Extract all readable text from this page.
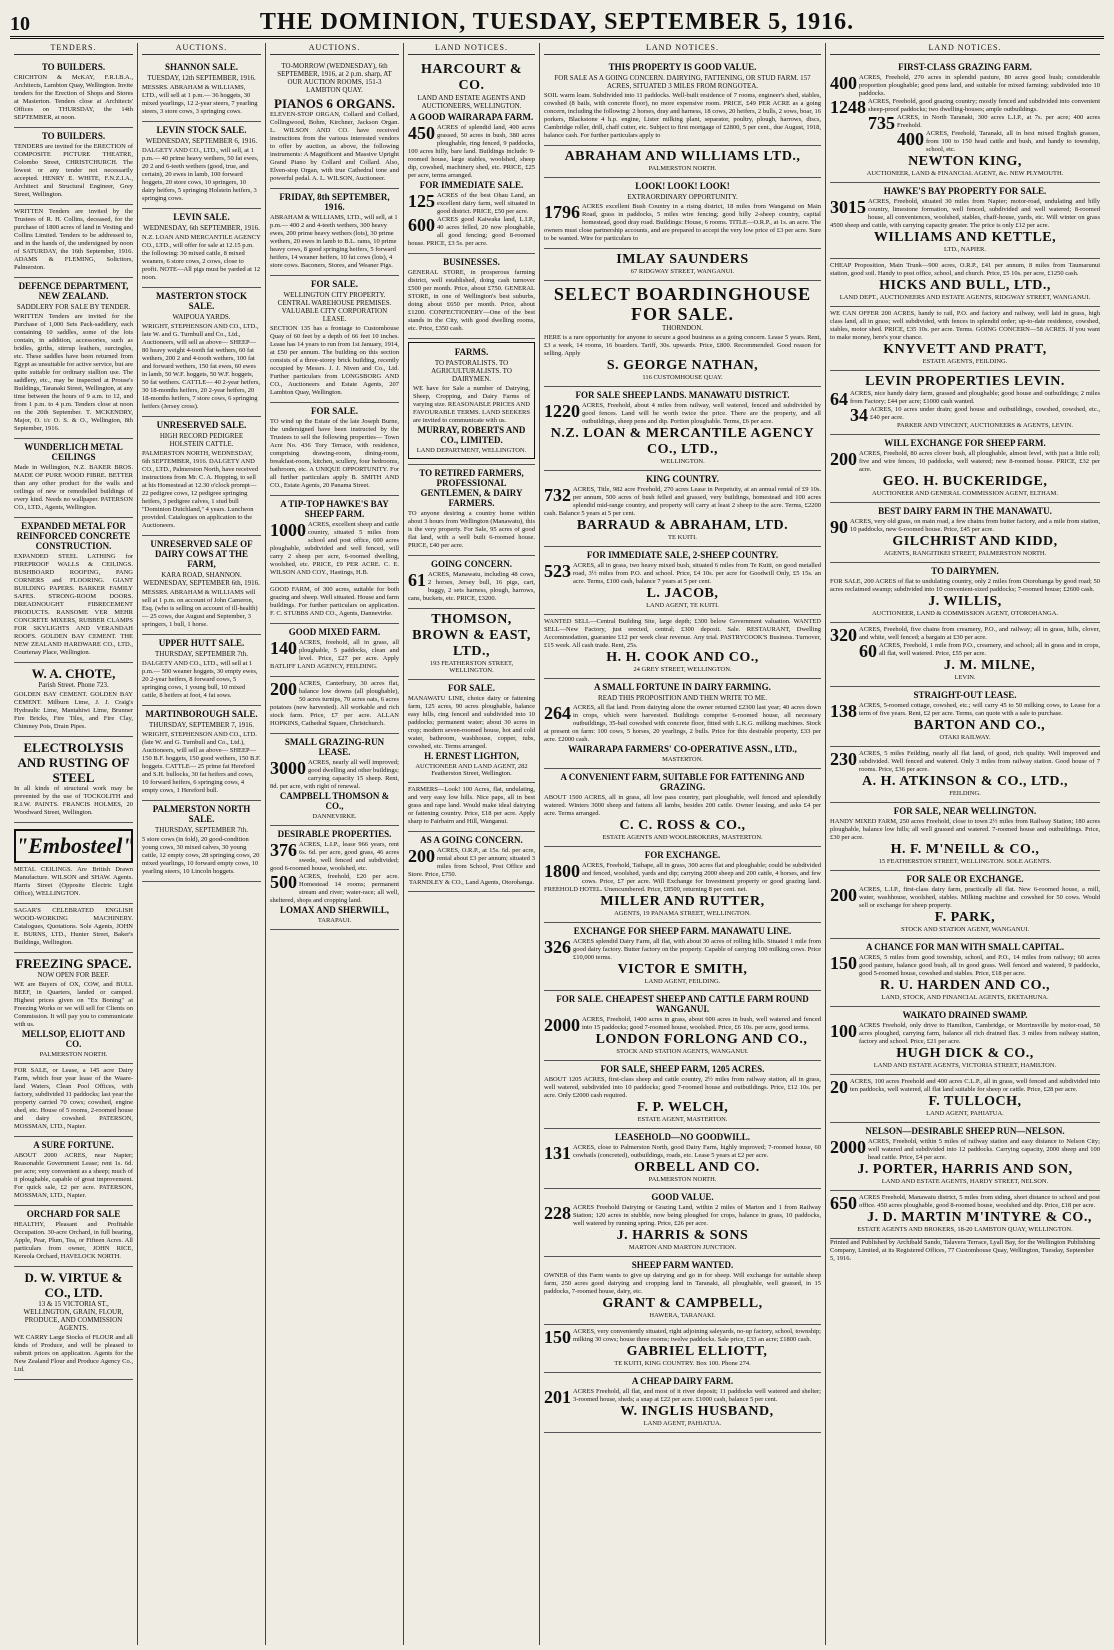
10	THE DOMINION, TUESDAY, SEPTEMBER 5, 1916.
TENDERS.
TO BUILDERS.
CRICHTON & McKAY, F.R.I.B.A., Architects, Lambton Quay, Wellington. Invite tenders for the Erection of Shops and Stores at Masterton. Tenders close at Architects' Offices on THURSDAY, the 14th SEPTEMBER, at noon.
TO BUILDERS.
TENDERS are invited for the ERECTION of COMPOSITE PICTURE THEATRE, Colombo Street, CHRISTCHURCH. The lowest or any tender not necessarily accepted. HENRY E. WHITE, F.N.Z.I.A., Architect and Structural Engineer, Grey Street, Wellington.
WRITTEN Tenders are invited by the Trustees of R. H. Collins, deceased, for the purchase of 1800 acres of land in Vesting and Collins Limited. Tenders to be addressed to, and in the hands of, the undersigned by noon of SATURDAY, the 16th September, 1916. ADAMS & FLEMING, Solicitors, Palmerston.
DEFENCE DEPARTMENT, NEW ZEALAND.
SADDLERY FOR SALE BY TENDER.
WRITTEN Tenders are invited for the Purchase of 1,000 Sets Pack-saddlery, each containing 10 saddles, some of the lots contain, in addition, accessories, such as bridles, girths, stirrup leathers, surcingles, etc. These saddles have been returned from Egypt as unsuitable for active service, but are quite suitable for ordinary stallion use. The saddlery, etc., may be inspected at Prouse's Buildings, Taranaki Street, Wellington, at any time between the hours of 9 a.m. to 12, and from 1 p.m. to 4 p.m. Tenders close at noon on the 20th September. T. MCKENDRY, Major, O. i/c O. S. & O., Wellington, 8th September, 1916.
WUNDERLICH METAL CEILINGS
Made in Wellington, N.Z. BAKER BROS. MADE OF PURE WOOD FIBRE. BETTER than any other product for the walls and ceilings of new or remodelled buildings of every kind. Needs no wallpaper. PATERSON CO., LTD., Agents, Wellington.
EXPANDED METAL FOR REINFORCED CONCRETE CONSTRUCTION.
EXPANDED STEEL LATHING for FIREPROOF WALLS & CEILINGS. BUSHBOARD ROOFING, PANG CORNERS and FLOORING. GIANT BUILDING PAPERS. BARKER FAMILY SAFES. STRONG-ROOM DOORS. DREADNOUGHT FIBRECEMENT PRODUCTS. RANSOME VER MEHR CONCRETE MIXERS, RUBBER CLAMPS FOR SKYLIGHTS AND VERANDAH ROOFS. GOLDEN BAY CEMENT. THE NEW ZEALAND HARDWARE CO., LTD., Courtenay Place, Wellington.
W. A. CHOTE,
Parish Street. Phone 723.
GOLDEN BAY CEMENT. GOLDEN BAY CEMENT. Milburn Lime, J. J. Craig's Hydraulic Lime, Mantahiwi Lime, Brunner Fire Bricks, Fire Tiles, and Fire Clay, Chimney Pots, Drain Pipes.
ELECTROLYSIS AND RUSTING OF STEEL
In all kinds of structural work may be prevented by the use of TOCKOLITH and R.I.W. PAINTS. FRANCIS HOLMES, 20 Woodward Street, Wellington.
"Embosteel"
METAL CEILINGS. Are British Drawn Manufacture. WILSON and SHAW. Agents. Harris Street (Opposite Electric Light Office), WELLINGTON.
SAGAR'S CELEBRATED ENGLISH WOOD-WORKING MACHINERY. Catalogues, Quotations. Sole Agents, JOHN E. BURNS, LTD., Hunter Street, Baker's Buildings, Wellington.
FREEZING SPACE.
NOW OPEN FOR BEEF.
WE are Buyers of OX, COW, and BULL BEEF, in Quarters, landed or camped. Highest prices given on "Ex Boning" at Freezing Works or we will sell for Clients on Commission. It will pay you to communicate with us.
MELLSOP, ELIOTT AND CO.
PALMERSTON NORTH.
FOR SALE, or Lease, a 145 acre Dairy Farm, which four year lease of the Waare-land Waters, Clean Pool Offices, with factory, subdivided 11 paddocks; last year the property carried 70 cows; cowshed, engine shed, etc. House of 5 rooms, 2-roomed house and dairy cowshed. PATERSON, MOSSMAN, LTD., Napier.
A SURE FORTUNE.
ABOUT 2000 ACRES, near Napier; Reasonable Government Lease; rent 1s. 6d. per acre; very convenient as a sheep; much of it ploughable, capable of great improvement. For quick sale, £2 per acre. PATERSON, MOSSMAN, LTD., Napier.
ORCHARD FOR SALE
HEALTHY, Pleasant and Profitable Occupation. 30-acre Orchard, in full bearing, Apple, Pear, Plum, Tea, or Fifteen Acres. All particulars from owner, JOHN RICE, Kereola Orchard, HAVELOCK NORTH.
D. W. VIRTUE & CO., LTD.
13 & 15 VICTORIA ST., WELLINGTON, GRAIN, FLOUR, PRODUCE, AND COMMISSION AGENTS.
WE CARRY Large Stocks of FLOUR and all kinds of Produce, and will be pleased to submit prices on application. Agents for the New Zealand Flour and Produce Agency Co., Ltd.
AUCTIONS.
SHANNON SALE.
TUESDAY, 12th SEPTEMBER, 1916.
MESSRS. ABRAHAM & WILLIAMS, LTD., will sell at 1 p.m.— 36 hoggets, 30 mixed yearlings, 12 2-year steers, 7 yearling steers, 3 store cows, 3 springing cows.
LEVIN STOCK SALE.
WEDNESDAY, SEPTEMBER 6, 1916.
DALGETY AND CO., LTD., will sell, at 1 p.m.— 40 prime heavy wethers, 50 fat ewes, 20 2 and 6-teeth wethers (good, true, and certain), 20 ewes in lamb, 100 forward hoggets, 20 store cows, 10 springers, 10 dairy heifers, 5 springing Holstein heifers, 3 springing cows.
LEVIN SALE.
WEDNESDAY, 6th SEPTEMBER, 1916.
N.Z. LOAN AND MERCANTILE AGENCY CO., LTD., will offer for sale at 12.15 p.m. the following: 30 mixed cattle, 8 mixed weaners, 6 store cows, 2 cows, close to profit. NOTE—All pigs must be yarded at 12 noon.
MASTERTON STOCK SALE.
WAIPOUA YARDS.
WRIGHT, STEPHENSON AND CO., LTD., late W. and G. Turnbull and Co., Ltd., Auctioneers, will sell as above— SHEEP— 80 heavy weight 4-tooth fat wethers, 60 fat wethers, 200 2 and 4-tooth wethers, 100 fat and forward wethers, 150 fat ewes, 60 ewes in lamb, 50 W.F. hoggets, 50 W.F. hoggets, 50 fat wethers. CATTLE— 40 2-year heifers, 30 18-months heifers, 20 2-year heifers, 20 18-months heifers, 7 store cows, 6 springing heifers (Jersey cross).
UNRESERVED SALE.
HIGH RECORD PEDIGREE HOLSTEIN CATTLE.
PALMERSTON NORTH, WEDNESDAY, 6th SEPTEMBER, 1916. DALGETY AND CO., LTD., Palmerston North, have received instructions from Mr. C. A. Hopping, to sell at his Homestead at 12.30 o'clock prompt— 22 pedigree cows, 12 pedigree springing heifers, 3 pedigree calves, 1 stud bull "Dominion Dutchland," 4 years. Luncheon provided. Catalogues on application to the Auctioneers.
UNRESERVED SALE OF DAIRY COWS AT THE FARM,
KARA ROAD, SHANNON. WEDNESDAY, SEPTEMBER 6th, 1916.
MESSRS. ABRAHAM & WILLIAMS will sell at 1 p.m. on account of John Cameron, Esq. (who is selling on account of ill-health)— 25 cows, due August and September, 3 springers, 1 bull, 1 horse.
UPPER HUTT SALE.
THURSDAY, SEPTEMBER 7th.
DALGETY AND CO., LTD., will sell at 1 p.m.— 500 weaner hoggets, 30 empty ewes, 20 2-year heifers, 8 forward cows, 5 springing cows, 1 young bull, 10 mixed cattle, 8 heifers at foot, 4 fat sows.
MARTINBOROUGH SALE.
THURSDAY, SEPTEMBER 7, 1916.
WRIGHT, STEPHENSON AND CO., LTD. (late W. and G. Turnbull and Co., Ltd.), Auctioneers, will sell as above— SHEEP— 150 B.F. hoggets, 150 good wethers, 150 B.F. hoggets. CATTLE— 25 prime fat Hereford and S.H. bullocks, 30 fat heifers and cows, 10 forward heifers, 6 springing cows, 4 empty cows, 1 Hereford bull.
PALMERSTON NORTH SALE.
THURSDAY, SEPTEMBER 7th.
5 store cows (in fold), 20 good-condition young cows, 30 mixed calves, 30 young cattle, 12 empty cows, 28 springing cows, 20 mixed yearlings, 10 forward empty cows, 10 yearling steers, 10 Lincoln hoggets.
AUCTIONS.
TO-MORROW (WEDNESDAY), 6th SEPTEMBER, 1916, at 2 p.m. sharp, AT OUR AUCTION ROOMS, 151-3 LAMBTON QUAY.
PIANOS 6 ORGANS.
ELEVEN-STOP ORGAN, Collard and Collard, Collingwood, Bohm, Kirchner, Jackson Organ. L. WILSON AND CO. have received instructions from the various interested vendors to offer by auction, as above, the following instruments: A Magnificent and Massive Upright Grand Piano by Collard and Collard. Also, Elven-stop Organ, with true Cathedral tone and powerful pedal. A. L. WILSON, Auctioneer.
FRIDAY, 8th SEPTEMBER, 1916.
ABRAHAM & WILLIAMS, LTD., will sell, at 1 p.m.— 400 2 and 4-teeth wethers, 300 heavy ewes, 200 prime heavy wethers (lots), 30 prime wethers, 20 ewes in lamb to B.L. rams, 10 prime heavy cows, 8 good springing heifers, 5 forward heifers, 14 weaner heifers, 10 fat cows (lots), 4 store cows. Baconers, Stores, and Weaner Pigs.
FOR SALE.
WELLINGTON CITY PROPERTY. CENTRAL WAREHOUSE PREMISES. VALUABLE CITY CORPORATION LEASE.
SECTION 135 has a frontage to Customhouse Quay of 60 feet by a depth of 66 feet 10 inches. Lease has 14 years to run from 1st January, 1914, at £50 per annum. The building on this section consists of a three-storey brick building, recently occupied by Messrs. J. J. Niven and Co., Ltd. Further particulars from LONGSBORG AND CO., Auctioneers and Estate Agents, 207 Lambton Quay, Wellington.
FOR SALE.
TO wind up the Estate of the late Joseph Burne, the undersigned have been instructed by the Trustees to sell the following properties— Town Acre No. 436 Tory Terrace, with residence, comprising drawing-room, dining-room, breakfast-room, kitchen, scullery, four bedrooms, bathroom, etc. A UNIQUE OPPORTUNITY. For all further particulars apply B. SMITH AND CO., Estate Agents, 20 Panama Street.
A TIP-TOP HAWKE'S BAY SHEEP FARM.
1000 ACRES, excellent sheep and cattle country, situated 5 miles from school and post office, 600 acres ploughable, subdivided and well fenced, will carry 2 sheep per acre, 6-roomed dwelling, woolshed, etc. PRICE, £9 PER ACRE. C. E. WILSON AND COY., Hastings, H.B.
GOOD FARM, of 300 acres, suitable for both grazing and sheep. Well situated. House and farm buildings. For further particulars on application. F. C. STUBBS AND CO., Agents, Dannevirke.
GOOD MIXED FARM.
140 ACRES, freehold, all in grass, all ploughable, 5 paddocks, clean and level. Price, £27 per acre. Apply BATLIFF LAND AGENCY, FEILDING.
200 ACRES, Canterbury, 30 acres flat, balance low downs (all ploughable), 50 acres turnips, 70 acres oats, 6 acres potatoes (new harvested). All workable and rich stock farm. Price, £7 per acre. ALLAN HOPKINS, Cathedral Square, Christchurch.
SMALL GRAZING-RUN LEASE.
3000 ACRES, nearly all well improved; good dwelling and other buildings; carrying capacity 15 sheep. Rent, 8d. per acre, with right of renewal.
CAMPBELL THOMSON & CO.,
DANNEVIRKE.
DESIRABLE PROPERTIES.
376 ACRES, L.I.P., lease 966 years, rent 6s. 6d. per acre, good grass, 46 acres swede, well fenced and subdivided; good 6-roomed house, woolshed, etc.
500 ACRES, freehold, £20 per acre. Homestead 14 rooms; permanent stream and river; water-race; all well, sheltered, shops and cropping land.
LOMAX AND SHERWILL,
TARAPAUI.
LAND NOTICES.
HARCOURT & CO.
LAND AND ESTATE AGENTS AND AUCTIONEERS, WELLINGTON.
A GOOD WAIRARAPA FARM.
450 ACRES of splendid land, 400 acres grassed, 50 acres in bush, 380 acres ploughable, ring fenced, 9 paddocks, 100 acres hilly, bare land. Buildings include: 9-roomed house, large stables, woolshed, sheep dip, cowshed, machinery shed, etc. PRICE, £25 per acre, terms arranged.
FOR IMMEDIATE SALE.
125 ACRES of the best Ohau Land, an excellent dairy farm, well situated in good district. PRICE, £50 per acre.
600 ACRES good Kaiwaka land, L.I.P., 40 acres felled, 20 now ploughable, all good fencing; good 8-roomed house. PRICE, £3 5s. per acre.
BUSINESSES.
GENERAL STORE, in prosperous farming district, well established, doing cash turnover £500 per month. Price, about £750. GENERAL STORE, in one of Wellington's best suburbs, doing about £650 per month. Price, about £1200. CONFECTIONERY—One of the best stands in the City, with good dwelling rooms, etc. Price, £350 cash.
FARMS.
TO PASTORALISTS. TO AGRICULTURALISTS. TO DAIRYMEN.
WE have for Sale a number of Dairying, Sheep, Cropping, and Dairy Farms of varying size. REASONABLE PRICES AND FAVOURABLE TERMS. LAND SEEKERS are invited to communicate with us.
MURRAY, ROBERTS AND CO., LIMITED.
LAND DEPARTMENT, WELLINGTON.
TO RETIRED FARMERS, PROFESSIONAL GENTLEMEN, & DAIRY FARMERS.
TO anyone desiring a country home within about 3 hours from Wellington (Manawatu), this is the very property. For Sale, 95 acres of good flat land, with a well built 6-roomed house. PRICE, £40 per acre.
GOING CONCERN.
61 ACRES, Manawatu, including 48 cows, 2 horses, Jersey bull, 16 pigs, cart, buggy, 2 sets harness, plough, harrows, cans, buckets, etc. PRICE, £3200.
THOMSON, BROWN & EAST, LTD.,
193 FEATHERSTON STREET, WELLINGTON.
FOR SALE.
MANAWATU LINE, choice dairy or fattening farm, 125 acres, 90 acres ploughable, balance easy hills, ring fenced and subdivided into 10 paddocks; permanent water; about 30 acres in crop; modern seven-roomed house, hot and cold water, bathroom, washhouse, copper, tubs, cowshed, etc. Terms arranged.
H. ERNEST LIGHTON,
AUCTIONEER AND LAND AGENT, 282 Featherston Street, Wellington.
FARMERS—Look! 100 Acres, flat, undulating, and very easy low hills. Nice paps, all in best grass and rape land. Would make ideal dairying or fattening country. Price, £18 per acre. Apply sharp to Fairbairn and Hill, Wanganui.
AS A GOING CONCERN.
200 ACRES, O.R.P., at 15s. 6d. per acre, rental about £3 per annum; situated 3 miles from School, Post Office and Store. Price, £750.
TARNDLEY & CO., Land Agents, Otorohanga.
LAND NOTICES.
THIS PROPERTY IS GOOD VALUE.
FOR SALE AS A GOING CONCERN. DAIRYING, FATTENING, OR STUD FARM. 157 ACRES, SITUATED 3 MILES FROM RONGOTEA.
SOIL warm loam. Subdivided into 11 paddocks. Well-built residence of 7 rooms, engineer's shed, stables, cowshed (8 bails, with concrete floor), no more expensive room. PRICE, £49 PER ACRE as a going concern, including the following: 2 horses, dray and harness, 18 cows, 20 heifers, 2 bulls, 2 sows, boar, 16 porkers, Blackstone 4 h.p. engine, Lister milking plant, separator, poultry, plough, harrows, discs, Cambridge roller, drill, chaff cutter, etc. Subject to first mortgage of £2800, 5 per cent., due August, 1918, balance cash. For further particulars apply to
ABRAHAM AND WILLIAMS LTD.,
PALMERSTON NORTH.
LOOK! LOOK! LOOK!
EXTRAORDINARY OPPORTUNITY.
1796 ACRES excellent Bush Country in a rising district, 18 miles from Wanganui on Main Road, grass in paddocks, 5 miles wire fencing; good hilly 2-sheep country, capital homestead, good dray road. Buildings: House, 6 rooms. TITLE—O.R.P., at 1s. an acre. The owners must close partnership accounts, and are prepared to accept the very low price of £3 per acre. Sure to be wanted. Wire for particulars to
IMLAY SAUNDERS
67 RIDGWAY STREET, WANGANUI.
SELECT BOARDINGHOUSE FOR SALE.
THORNDON.
HERE is a rare opportunity for anyone to secure a good business as a going concern. Lease 5 years. Rent, £3 a week, 14 rooms, 16 boarders. Tariff, 30s. upwards. Price, £800. Recommended. Good reason for selling. Apply
S. GEORGE NATHAN,
116 CUSTOMHOUSE QUAY.
FOR SALE SHEEP LANDS. MANAWATU DISTRICT.
1220 ACRES, Freehold, about 4 miles from railway, well watered, fenced and subdivided by good fences. Land will be worth twice the price. There are the property, and all outbuildings, sheep pens and dip. Portion ploughable. Terms, £6 per acre.
N.Z. LOAN & MERCANTILE AGENCY CO., LTD.,
WELLINGTON.
KING COUNTRY.
732 ACRES, Title, 982 acre Freehold, 270 acres Lease in Perpetuity, at an annual rental of £9 10s. per annum, 500 acres of bush felled and grassed, very buildings, homestead and 100 acres splendid mid-range country, and property will carry at least 2 sheep to the acre. Terms, £2200 cash. Balance 5 years at 5 per cent.
BARRAUD & ABRAHAM, LTD.
TE KUITI.
FOR IMMEDIATE SALE, 2-SHEEP COUNTRY.
523 ACRES, all in grass, two heavy mixed bush, situated 6 miles from Te Kuiti, on good metalled road, 3½ miles from P.O. and school. Price, £4 10s. per acre for Goodwill Only, £5 15s. an acre. Terms, £100 cash, balance 7 years at 5 per cent.
L. JACOB,
LAND AGENT, TE KUITI.
WANTED SELL—Central Building Site, large depth; £300 below Government valuation. WANTED SELL—New Factory, just erected, central; £300 deposit. Sale. RESTAURANT, Dwelling Accommodation, guarantee £12 per week clear revenue. Any trial. PASTRYCOOK'S Business. Turnover, £15 week. All cash trade. Rent, 25s.
H. H. COOK AND CO.,
24 GREY STREET, WELLINGTON.
A SMALL FORTUNE IN DAIRY FARMING.
READ THIS PROPOSITION AND THEN WRITE TO ME.
264 ACRES, all flat land. From dairying alone the owner returned £2300 last year; 40 acres down in crops, which were harvested. Buildings comprise 6-roomed house, all necessary outbuildings, 35-bail cowshed with concrete floor, fitted with L.K.G. milking machines. Stock at present on farm: 100 cows, 5 horses, 20 yearlings, 2 bulls. Price for this desirable property, £33 per acre. £2000 cash.
WAIRARAPA FARMERS' CO-OPERATIVE ASSN., LTD.,
MASTERTON.
A CONVENIENT FARM, SUITABLE FOR FATTENING AND GRAZING.
ABOUT 1500 ACRES, all in grass, all low pass country, part ploughable, well fenced and splendidly watered. Winters 3000 sheep and fattens all lambs, besides 200 cattle. Owner leasing, and asks £4 per acre. Terms arranged.
C. C. ROSS & CO.,
ESTATE AGENTS AND WOOLBROKERS, MASTERTON.
FOR EXCHANGE.
1800 ACRES, Freehold, Taihape, all in grass, 300 acres flat and ploughable; could be subdivided and fenced, woolshed, yards and dip; carrying 2000 sheep and 200 cattle, 4 horses, and few cows. Price, £7 per acre. Will Exchange for Investment property or good grazing land. FREEHOLD HOTEL. Unencumbered. Price, £8500, returning 8 per cent. net.
MILLER AND RUTTER,
AGENTS, 19 PANAMA STREET, WELLINGTON.
EXCHANGE FOR SHEEP FARM. MANAWATU LINE.
326 ACRES splendid Dairy Farm, all flat, with about 30 acres of rolling hills. Situated 1 mile from good dairy factory. Butter factory on the property. Capable of carrying 100 milking cows. Price £10,000 terms.
VICTOR E SMITH,
LAND AGENT, FEILDING.
FOR SALE. CHEAPEST SHEEP AND CATTLE FARM ROUND WANGANUI.
2000 ACRES, Freehold, 1400 acres in grass, about 600 acres in bush, well watered and fenced into 15 paddocks; good 7-roomed house, woolshed. Price, £6 10s. per acre, good terms.
LONDON FORLONG AND CO.,
STOCK AND STATION AGENTS, WANGANUI.
FOR SALE, SHEEP FARM, 1205 ACRES.
ABOUT 1205 ACRES, first-class sheep and cattle country, 2½ miles from railway station, all in grass, well watered, subdivided into 10 paddocks; good 7-roomed house and outbuildings. Price, £12 10s. per acre. Only £2000 cash required.
F. P. WELCH,
ESTATE AGENT, MASTERTON.
LEASEHOLD—NO GOODWILL.
131 ACRES, close to Palmerston North, good Dairy Farm, highly improved; 7-roomed house, 60 cowbails (concreted), outbuildings, roads, etc. Lease 5 years at £2 per acre.
ORBELL AND CO.
PALMERSTON NORTH.
GOOD VALUE.
228 ACRES Freehold Dairying or Grazing Land, within 2 miles of Marton and 1 from Railway Station; 120 acres in stubble, now being ploughed for crops, balance in grass, 10 paddocks, well watered by running spring. Price, £26 per acre.
J. HARRIS & SONS
MARTON AND MARTON JUNCTION.
SHEEP FARM WANTED.
OWNER of this Farm wants to give up dairying and go in for sheep. Will exchange for suitable sheep farm, 250 acres good dairying and cropping land in Taranaki, all ploughable, well grassed, in 15 paddocks, 7-roomed house, dairy, etc.
GRANT & CAMPBELL,
HAWERA, TARANAKI.
150 ACRES, very conveniently situated, right adjoining saleyards, no-up factory, school, township; milking 30 cows; house three rooms; twelve paddocks. Sale price, £33 an acre; £1800 cash.
GABRIEL ELLIOTT,
TE KUITI, KING COUNTRY. Box 100. Phone 274.
A CHEAP DAIRY FARM.
201 ACRES Freehold, all flat, and most of it river deposit; 11 paddocks well watered and shelter; 3-roomed house, sheds; a snap at £22 per acre. £1000 cash, balance 5 per cent.
W. INGLIS HUSBAND,
LAND AGENT, PAHIATUA.
LAND NOTICES.
FIRST-CLASS GRAZING FARM.
400 ACRES, Freehold, 270 acres in splendid pasture, 80 acres good bush; considerable proportion ploughable; good pens land, and suitable for mixed farming; subdivided into 10 paddocks.
1248 ACRES, Freehold, good grazing country; mostly fenced and subdivided into convenient sheep-proof paddocks; two dwelling-houses; ample outbuildings.
735 ACRES, in North Taranaki, 300 acres L.I.P., at 7s. per acre; 400 acres Freehold.
400 ACRES, Freehold, Taranaki, all in best mixed English grasses, from 100 to 150 head cattle and bush, and handy to township, school, etc.
NEWTON KING,
AUCTIONEER, LAND & FINANCIAL AGENT, &c. NEW PLYMOUTH.
HAWKE'S BAY PROPERTY FOR SALE.
3015 ACRES, Freehold, situated 30 miles from Napier; motor-road, undulating and hilly country, limestone formation, well fenced, subdivided and well watered; 8-roomed house, all conveniences, woolshed, stables, chaff-house, yards, etc. Will winter on grass 4500 sheep and cattle, with carrying capacity greater. The price is only £12 per acre.
WILLIAMS AND KETTLE,
LTD., NAPIER.
CHEAP Proposition, Main Trunk—900 acres, O.R.P., £41 per annum, 8 miles from Taumarunui station, good soil. Handy to post office, school, and church. Price, £5 10s. per acre, £1250 cash.
HICKS AND BULL, LTD.,
LAND DEPT., AUCTIONEERS AND ESTATE AGENTS, RIDGWAY STREET, WANGANUI.
WE CAN OFFER 200 ACRES, handy to rail, P.O. and factory and railway, well laid in grass, high class land, all in grass; well subdivided, with fences in splendid order; up-to-date residence, cowshed, stables, motor shed. PRICE, £35 10s. per acre. Terms. GOING CONCERN—58 ACRES. If you want to make money, here's your chance.
KNYVETT AND PRATT,
ESTATE AGENTS, FEILDING.
LEVIN PROPERTIES LEVIN.
64 ACRES, nice handy dairy farm, grassed and ploughable; good house and outbuildings; 2 miles from Factory; £44 per acre; £1000 cash wanted.
34 ACRES, 10 acres under drain; good house and outbuildings, cowshed, cowshed, etc., £40 per acre.
PARKER AND VINCENT, AUCTIONEERS & AGENTS, LEVIN.
WILL EXCHANGE FOR SHEEP FARM.
200 ACRES, Freehold, 80 acres clover bush, all ploughable, almost level, with just a little roll; five and wire fences, 10 paddocks, well watered; new 8-roomed house. PRICE, £32 per acre.
GEO. H. BUCKERIDGE,
AUCTIONEER AND GENERAL COMMISSION AGENT, ELTHAM.
BEST DAIRY FARM IN THE MANAWATU.
90 ACRES, very old grass, on main road, a few chains from butter factory, and a mile from station, 10 paddocks, new 6-roomed house. Price, £45 per acre.
GILCHRIST AND KIDD,
AGENTS, RANGITIKEI STREET, PALMERSTON NORTH.
TO DAIRYMEN.
FOR SALE, 200 ACRES of flat to undulating country, only 2 miles from Otorohanga by good road; 50 acres reclaimed swamp; subdivided into 10 convenient-sized paddocks; 7-roomed house; £2600 cash.
J. WILLIS,
AUCTIONEER, LAND & COMMISSION AGENT, OTOROHANGA.
320 ACRES, Freehold, five chains from creamery, P.O., and railway; all in grass, hills, clover, and white, well fenced; a bargain at £30 per acre.
60 ACRES, Freehold, 1 mile from P.O., creamery, and school; all in grass and in crops, all flat, well watered. Price, £55 per acre.
J. M. MILNE,
LEVIN.
STRAIGHT-OUT LEASE.
138 ACRES, 5-roomed cottage, cowshed, etc.; will carry 45 to 50 milking cows, to Lease for a term of five years. Rent, £2 per acre. Terms, can quote with a sale to purchase.
BARTON AND CO.,
OTAKI RAILWAY.
230 ACRES, 5 miles Feilding, nearly all flat land, of good, rich quality. Well improved and subdivided. Well fenced and watered. Only 3 miles from railway station. Good house of 7 rooms. Price, £36 per acre.
A. H. ATKINSON & CO., LTD.,
FEILDING.
FOR SALE, NEAR WELLINGTON.
HANDY MIXED FARM, 250 acres Freehold, close to town 2½ miles from Railway Station; 180 acres ploughable, balance low hills; all well grassed and watered. 7-roomed house and outbuildings. Price, £30 per acre.
H. F. M'NEILL & CO.,
15 FEATHERSTON STREET, WELLINGTON. SOLE AGENTS.
FOR SALE OR EXCHANGE.
200 ACRES, L.I.P., first-class dairy farm, practically all flat. New 6-roomed house, a mill, water, washhouse, woolshed, stables. Milking machine and cowshed for 50 cows. Would sell or exchange for sheep property.
F. PARK,
STOCK AND STATION AGENT, WANGANUI.
A CHANCE FOR MAN WITH SMALL CAPITAL.
150 ACRES, 5 miles from good township, school, and P.O., 14 miles from railway; 60 acres good pasture, balance good bush, all in good grass. Well fenced and watered, 9 paddocks, good 5-roomed house, cowshed and stables. Price, £18 per acre.
R. U. HARDEN AND CO.,
LAND, STOCK, AND FINANCIAL AGENTS, EKETAHUNA.
WAIKATO DRAINED SWAMP.
100 ACRES Freehold, only drive to Hamilton, Cambridge, or Morrinsville by motor-road, 50 acres ploughed, carrying farm, balance all rich drained flax. 3 miles from railway station, factory and school. Price, £21 per acre.
HUGH DICK & CO.,
LAND AND ESTATE AGENTS, VICTORIA STREET, HAMILTON.
20 ACRES, 100 acres Freehold and 400 acres C.L.P., all in grass, well fenced and subdivided into ten paddocks, well watered, all flat land suitable for sheep or cattle. Price, £28 per acre.
F. TULLOCH,
LAND AGENT, PAHIATUA.
NELSON—DESIRABLE SHEEP RUN—NELSON.
2000 ACRES, Freehold, within 5 miles of railway station and easy distance to Nelson City; well watered and subdivided into 12 paddocks. Carrying capacity, 2000 sheep and 100 head cattle. Price, £4 per acre.
J. PORTER, HARRIS AND SON,
LAND AND ESTATE AGENTS, HARDY STREET, NELSON.
650 ACRES Freehold, Manawatu district, 5 miles from siding, short distance to school and post office. 450 acres ploughable, good 8-roomed house, woolshed and dip. Price, £18 per acre.
J. D. MARTIN M'INTYRE & CO.,
ESTATE AGENTS AND BROKERS, 18-20 LAMBTON QUAY, WELLINGTON.
Printed and Published by Archibald Sando, Talavera Terrace, Lyall Bay, for the Wellington Publishing Company, Limited, at its Registered Offices, 77 Customhouse Quay, Wellington, Tuesday, September 5, 1916.
